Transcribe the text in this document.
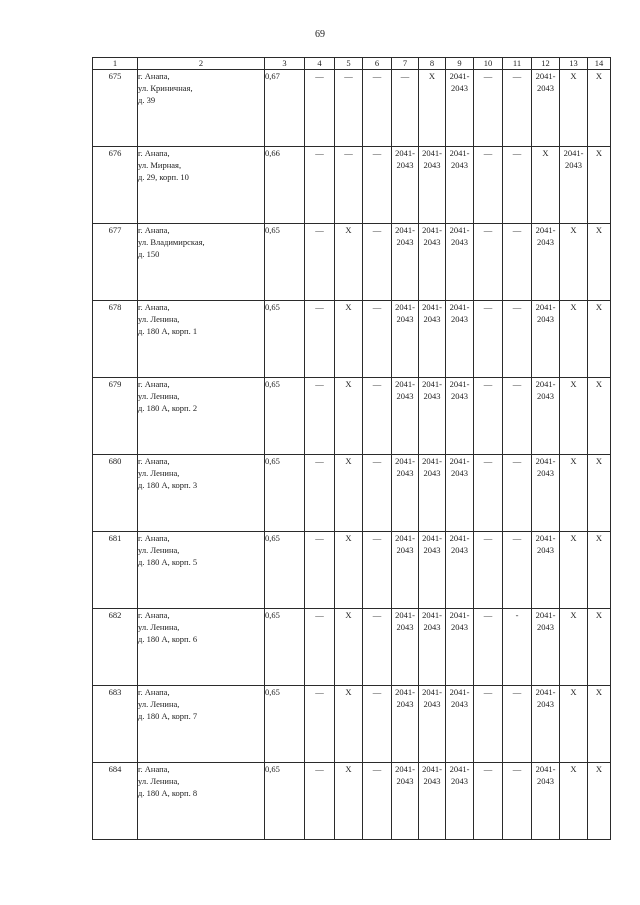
69
1	2	3	4	5	6	7	8	9	10	11	12	13	14
675	г. Анапа,
ул. Криничная,
д. 39	0,67	—	—	—	—	X	2041-
2043	—	—	2041-
2043	X	X
676	г. Анапа,
ул. Мирная,
д. 29, корп. 10	0,66	—	—	—	2041-
2043	2041-
2043	2041-
2043	—	—	X	2041-
2043	X
677	г. Анапа,
ул. Владимирская,
д. 150	0,65	—	X	—	2041-
2043	2041-
2043	2041-
2043	—	—	2041-
2043	X	X
678	г. Анапа,
ул. Ленина,
д. 180 А, корп. 1	0,65	—	X	—	2041-
2043	2041-
2043	2041-
2043	—	—	2041-
2043	X	X
679	г. Анапа,
ул. Ленина,
д. 180 А, корп. 2	0,65	—	X	—	2041-
2043	2041-
2043	2041-
2043	—	—	2041-
2043	X	X
680	г. Анапа,
ул. Ленина,
д. 180 А, корп. 3	0,65	—	X	—	2041-
2043	2041-
2043	2041-
2043	—	—	2041-
2043	X	X
681	г. Анапа,
ул. Ленина,
д. 180 А, корп. 5	0,65	—	X	—	2041-
2043	2041-
2043	2041-
2043	—	—	2041-
2043	X	X
682	г. Анапа,
ул. Ленина,
д. 180 А, корп. 6	0,65	—	X	—	2041-
2043	2041-
2043	2041-
2043	—	-	2041-
2043	X	X
683	г. Анапа,
ул. Ленина,
д. 180 А, корп. 7	0,65	—	X	—	2041-
2043	2041-
2043	2041-
2043	—	—	2041-
2043	X	X
684	г. Анапа,
ул. Ленина,
д. 180 А, корп. 8	0,65	—	X	—	2041-
2043	2041-
2043	2041-
2043	—	—	2041-
2043	X	X
